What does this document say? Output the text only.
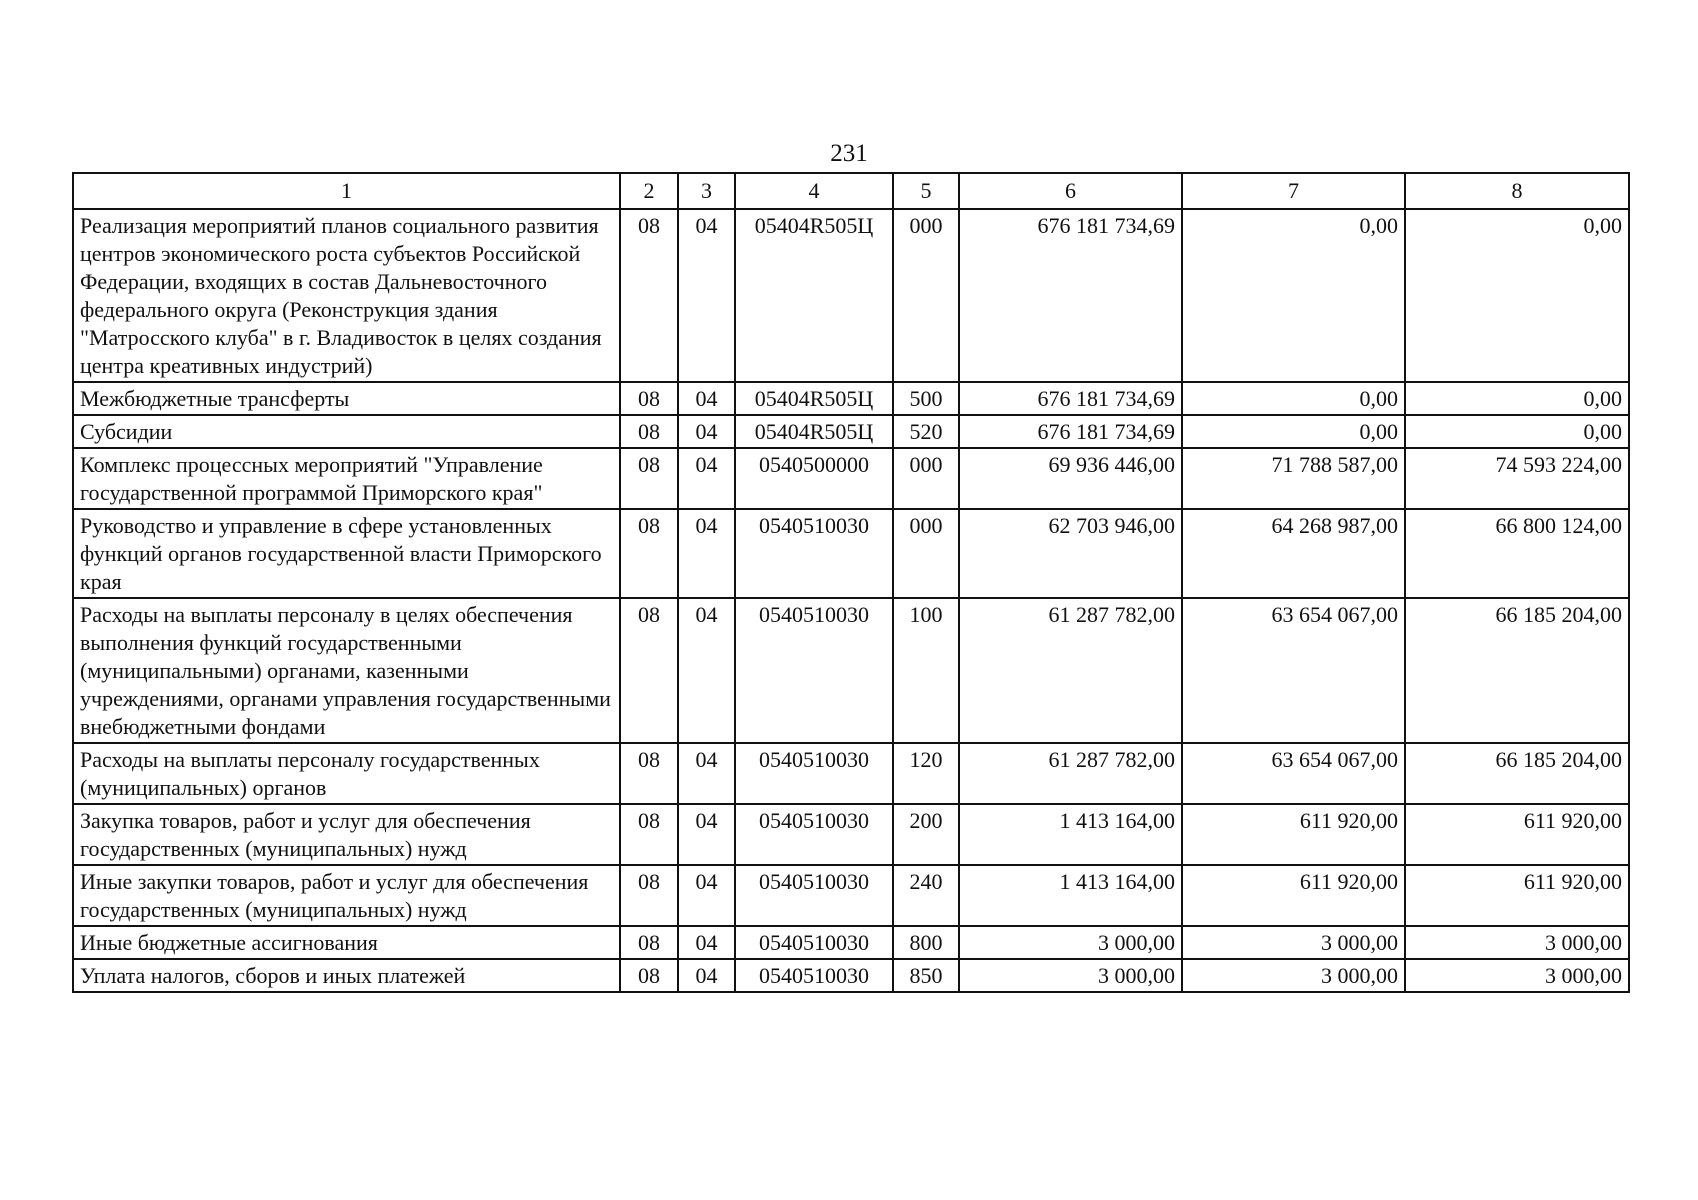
231
1	2	3	4	5	6	7	8
Реализация мероприятий планов социального развития центров экономического роста субъектов Российской Федерации, входящих в состав Дальневосточного федерального округа (Реконструкция здания "Матросского клуба" в г. Владивосток в целях создания центра креативных индустрий)	08	04	05404R505Ц	000	676 181 734,69	0,00	0,00
Межбюджетные трансферты	08	04	05404R505Ц	500	676 181 734,69	0,00	0,00
Субсидии	08	04	05404R505Ц	520	676 181 734,69	0,00	0,00
Комплекс процессных мероприятий "Управление государственной программой Приморского края"	08	04	0540500000	000	69 936 446,00	71 788 587,00	74 593 224,00
Руководство и управление в сфере установленных функций органов государственной власти Приморского края	08	04	0540510030	000	62 703 946,00	64 268 987,00	66 800 124,00
Расходы на выплаты персоналу в целях обеспечения выполнения функций государственными (муниципальными) органами, казенными учреждениями, органами управления государственными внебюджетными фондами	08	04	0540510030	100	61 287 782,00	63 654 067,00	66 185 204,00
Расходы на выплаты персоналу государственных (муниципальных) органов	08	04	0540510030	120	61 287 782,00	63 654 067,00	66 185 204,00
Закупка товаров, работ и услуг для обеспечения государственных (муниципальных) нужд	08	04	0540510030	200	1 413 164,00	611 920,00	611 920,00
Иные закупки товаров, работ и услуг для обеспечения государственных (муниципальных) нужд	08	04	0540510030	240	1 413 164,00	611 920,00	611 920,00
Иные бюджетные ассигнования	08	04	0540510030	800	3 000,00	3 000,00	3 000,00
Уплата налогов, сборов и иных платежей	08	04	0540510030	850	3 000,00	3 000,00	3 000,00
